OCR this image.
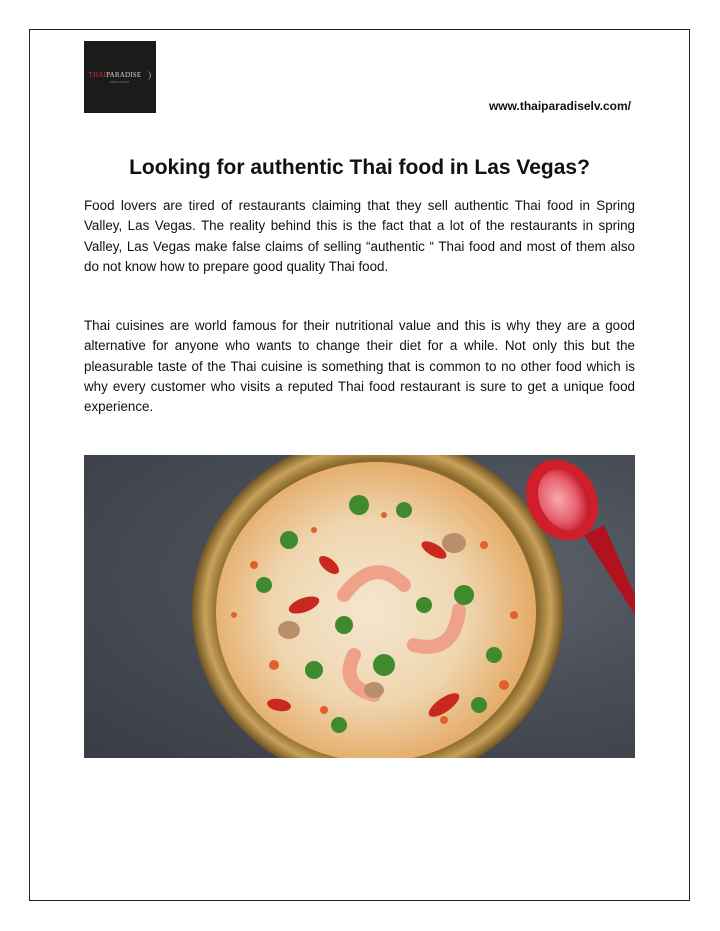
THAIPARADISE
RESTAURANT
www.thaiparadiselv.com/
Looking for authentic Thai food in Las Vegas?

Food lovers are tired of restaurants claiming that they sell authentic Thai food in Spring Valley, Las Vegas. The reality behind this is the fact that a lot of the restaurants in spring Valley, Las Vegas make false claims of selling “authentic “ Thai food and most of them also do not know how to prepare good quality Thai food.

Thai cuisines are world famous for their nutritional value and this is why they are a good alternative for anyone who wants to change their diet for a while. Not only this but the pleasurable taste of the Thai cuisine is something that is common to no other food which is why every customer who visits a reputed Thai food restaurant is sure to get a unique food experience.
